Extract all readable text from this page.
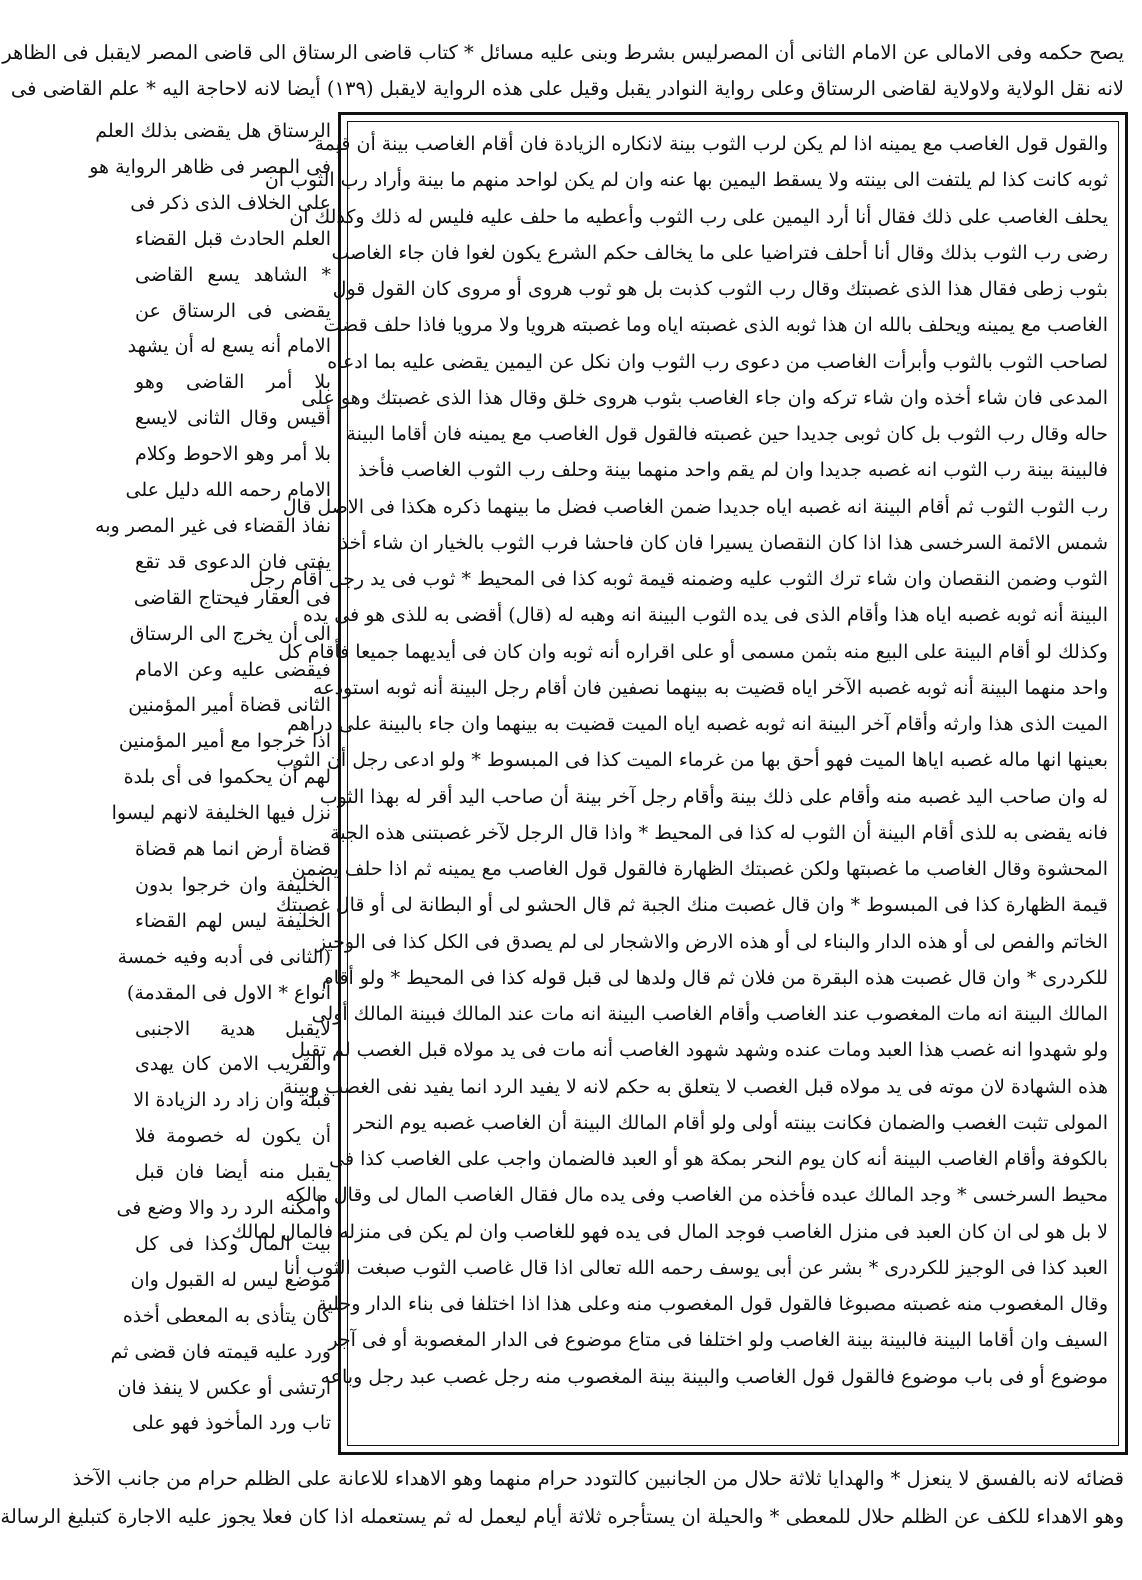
يصح حكمه وفى الامالى عن الامام الثانى أن المصرليس بشرط وبنى عليه مسائل * كتاب قاضى الرستاق الى قاضى المصر لايقبل فى الظاهر
لانه نقل الولاية ولاولاية لقاضى الرستاق وعلى رواية النوادر يقبل وقيل على هذه الرواية لايقبل (١٣٩) أيضا لانه لاحاجة اليه * علم القاضى فى
الرستاق هل يقضى بذلك العلم
فى المصر فى ظاهر الرواية هو
على الخلاف الذى ذكر فى
العلم الحادث قبل القضاء
* الشاهد يسع القاضى
يقضى فى الرستاق عن
الامام أنه يسع له أن يشهد
بلا أمر القاضى وهو
أقيس وقال الثانى لايسع
بلا أمر وهو الاحوط وكلام
الامام رحمه الله دليل على
نفاذ القضاء فى غير المصر وبه
يفتى فان الدعوى قد تقع
فى العقار فيحتاج القاضى
الى أن يخرج الى الرستاق
فيقضى عليه وعن الامام
الثانى قضاة أمير المؤمنين
اذا خرجوا مع أمير المؤمنين
لهم أن يحكموا فى أى بلدة
نزل فيها الخليفة لانهم ليسوا
قضاة أرض انما هم قضاة
الخليفة وان خرجوا بدون
الخليفة ليس لهم القضاء
(الثانى فى أدبه وفيه خمسة
أنواع * الاول فى المقدمة)
لايقبل هدية الاجنبى
والقريب الامن كان يهدى
قبله وان زاد رد الزيادة الا
أن يكون له خصومة فلا
يقبل منه أيضا فان قبل
وأمكنه الرد رد والا وضع فى
بيت المال وكذا فى كل
موضع ليس له القبول وان
كان يتأذى به المعطى أخذه
ورد عليه قيمته فان قضى ثم
ارتشى أو عكس لا ينفذ فان
تاب ورد المأخوذ فهو على
والقول قول الغاصب مع يمينه اذا لم يكن لرب الثوب بينة لانكاره الزيادة فان أقام الغاصب بينة أن قيمة
ثوبه كانت كذا لم يلتفت الى بينته ولا يسقط اليمين بها عنه وان لم يكن لواحد منهم ما بينة وأراد رب الثوب أن
يحلف الغاصب على ذلك فقال أنا أرد اليمين على رب الثوب وأعطيه ما حلف عليه فليس له ذلك وكذلك ان
رضى رب الثوب بذلك وقال أنا أحلف فتراضيا على ما يخالف حكم الشرع يكون لغوا فان جاء الغاصب
بثوب زطى فقال هذا الذى غصبتك وقال رب الثوب كذبت بل هو ثوب هروى أو مروى كان القول قول
الغاصب مع يمينه ويحلف بالله ان هذا ثوبه الذى غصبته اياه وما غصبته هرويا ولا مرويا فاذا حلف قضت
لصاحب الثوب بالثوب وأبرأت الغاصب من دعوى رب الثوب وان نكل عن اليمين يقضى عليه بما ادعاه
المدعى فان شاء أخذه وان شاء تركه وان جاء الغاصب بثوب هروى خلق وقال هذا الذى غصبتك وهو على
حاله وقال رب الثوب بل كان ثوبى جديدا حين غصبته فالقول قول الغاصب مع يمينه فان أقاما البينة
فالبينة بينة رب الثوب انه غصبه جديدا وان لم يقم واحد منهما بينة وحلف رب الثوب الغاصب فأخذ
رب الثوب الثوب ثم أقام البينة انه غصبه اياه جديدا ضمن الغاصب فضل ما بينهما ذكره هكذا فى الاصل قال
شمس الائمة السرخسى هذا اذا كان النقصان يسيرا فان كان فاحشا فرب الثوب بالخيار ان شاء أخذ
الثوب وضمن النقصان وان شاء ترك الثوب عليه وضمنه قيمة ثوبه كذا فى المحيط * ثوب فى يد رجل أقام رجل
البينة أنه ثوبه غصبه اياه هذا وأقام الذى فى يده الثوب البينة انه وهبه له (قال) أقضى به للذى هو فى يده
وكذلك لو أقام البينة على البيع منه بثمن مسمى أو على اقراره أنه ثوبه وان كان فى أيديهما جميعا فأقام كل
واحد منهما البينة أنه ثوبه غصبه الآخر اياه قضيت به بينهما نصفين فان أقام رجل البينة أنه ثوبه استودعه
الميت الذى هذا وارثه وأقام آخر البينة انه ثوبه غصبه اياه الميت قضيت به بينهما وان جاء بالبينة على دراهم
بعينها انها ماله غصبه اياها الميت فهو أحق بها من غرماء الميت كذا فى المبسوط * ولو ادعى رجل أن الثوب
له وان صاحب اليد غصبه منه وأقام على ذلك بينة وأقام رجل آخر بينة أن صاحب اليد أقر له بهذا الثوب
فانه يقضى به للذى أقام البينة أن الثوب له كذا فى المحيط * واذا قال الرجل لآخر غصبتنى هذه الجبة
المحشوة وقال الغاصب ما غصبتها ولكن غصبتك الظهارة فالقول قول الغاصب مع يمينه ثم اذا حلف يضمن
قيمة الظهارة كذا فى المبسوط * وان قال غصبت منك الجبة ثم قال الحشو لى أو البطانة لى أو قال غصبتك
الخاتم والفص لى أو هذه الدار والبناء لى أو هذه الارض والاشجار لى لم يصدق فى الكل كذا فى الوجيز
للكردرى * وان قال غصبت هذه البقرة من فلان ثم قال ولدها لى قبل قوله كذا فى المحيط * ولو أقام
المالك البينة انه مات المغصوب عند الغاصب وأقام الغاصب البينة انه مات عند المالك فبينة المالك أولى
ولو شهدوا انه غصب هذا العبد ومات عنده وشهد شهود الغاصب أنه مات فى يد مولاه قبل الغصب لم تقبل
هذه الشهادة لان موته فى يد مولاه قبل الغصب لا يتعلق به حكم لانه لا يفيد الرد انما يفيد نفى الغصب وبينة
المولى تثبت الغصب والضمان فكانت بينته أولى ولو أقام المالك البينة أن الغاصب غصبه يوم النحر
بالكوفة وأقام الغاصب البينة أنه كان يوم النحر بمكة هو أو العبد فالضمان واجب على الغاصب كذا فى
محيط السرخسى * وجد المالك عبده فأخذه من الغاصب وفى يده مال فقال الغاصب المال لى وقال مالكه
لا بل هو لى ان كان العبد فى منزل الغاصب فوجد المال فى يده فهو للغاصب وان لم يكن فى منزله فالمال لمالك
العبد كذا فى الوجيز للكردرى * بشر عن أبى يوسف رحمه الله تعالى اذا قال غاصب الثوب صبغت الثوب أنا
وقال المغصوب منه غصبته مصبوغا فالقول قول المغصوب منه وعلى هذا اذا اختلفا فى بناء الدار وحلية
السيف وان أقاما البينة فالبينة بينة الغاصب ولو اختلفا فى متاع موضوع فى الدار المغصوبة أو فى آجر
موضوع أو فى باب موضوع فالقول قول الغاصب والبينة بينة المغصوب منه رجل غصب عبد رجل وباعه
قضائه لانه بالفسق لا ينعزل * والهدايا ثلاثة حلال من الجانبين كالتودد حرام منهما وهو الاهداء للاعانة على الظلم حرام من جانب الآخذ
وهو الاهداء للكف عن الظلم حلال للمعطى * والحيلة ان يستأجره ثلاثة أيام ليعمل له ثم يستعمله اذا كان فعلا يجوز عليه الاجارة كتبليغ الرسالة
